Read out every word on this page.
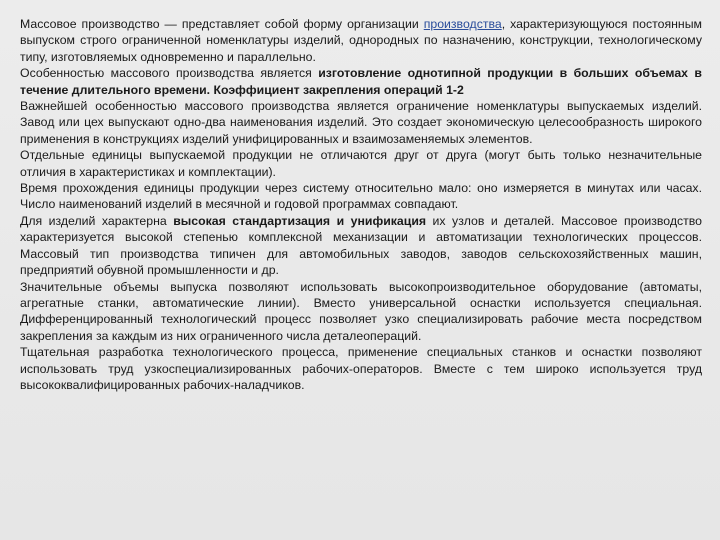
Массовое производство — представляет собой форму организации производства, характеризующуюся постоянным выпуском строго ограниченной номенклатуры изделий, однородных по назначению, конструкции, технологическому типу, изготовляемых одновременно и параллельно.

Особенностью массового производства является изготовление однотипной продукции в больших объемах в течение длительного времени. Коэффициент закрепления операций 1-2

Важнейшей особенностью массового производства является ограничение номенклатуры выпускаемых изделий. Завод или цех выпускают одно-два наименования изделий. Это создает экономическую целесообразность широкого применения в конструкциях изделий унифицированных и взаимозаменяемых элементов.

Отдельные единицы выпускаемой продукции не отличаются друг от друга (могут быть только незначительные отличия в характеристиках и комплектации).

Время прохождения единицы продукции через систему относительно мало: оно измеряется в минутах или часах. Число наименований изделий в месячной и годовой программах совпадают.

Для изделий характерна высокая стандартизация и унификация их узлов и деталей. Массовое производство характеризуется высокой степенью комплексной механизации и автоматизации технологических процессов. Массовый тип производства типичен для автомобильных заводов, заводов сельскохозяйственных машин, предприятий обувной промышленности и др.

Значительные объемы выпуска позволяют использовать высокопроизводительное оборудование (автоматы, агрегатные станки, автоматические линии). Вместо универсальной оснастки используется специальная. Дифференцированный технологический процесс позволяет узко специализировать рабочие места посредством закрепления за каждым из них ограниченного числа деталеопераций.

Тщательная разработка технологического процесса, применение специальных станков и оснастки позволяют использовать труд узкоспециализированных рабочих-операторов. Вместе с тем широко используется труд высококвалифицированных рабочих-наладчиков.
